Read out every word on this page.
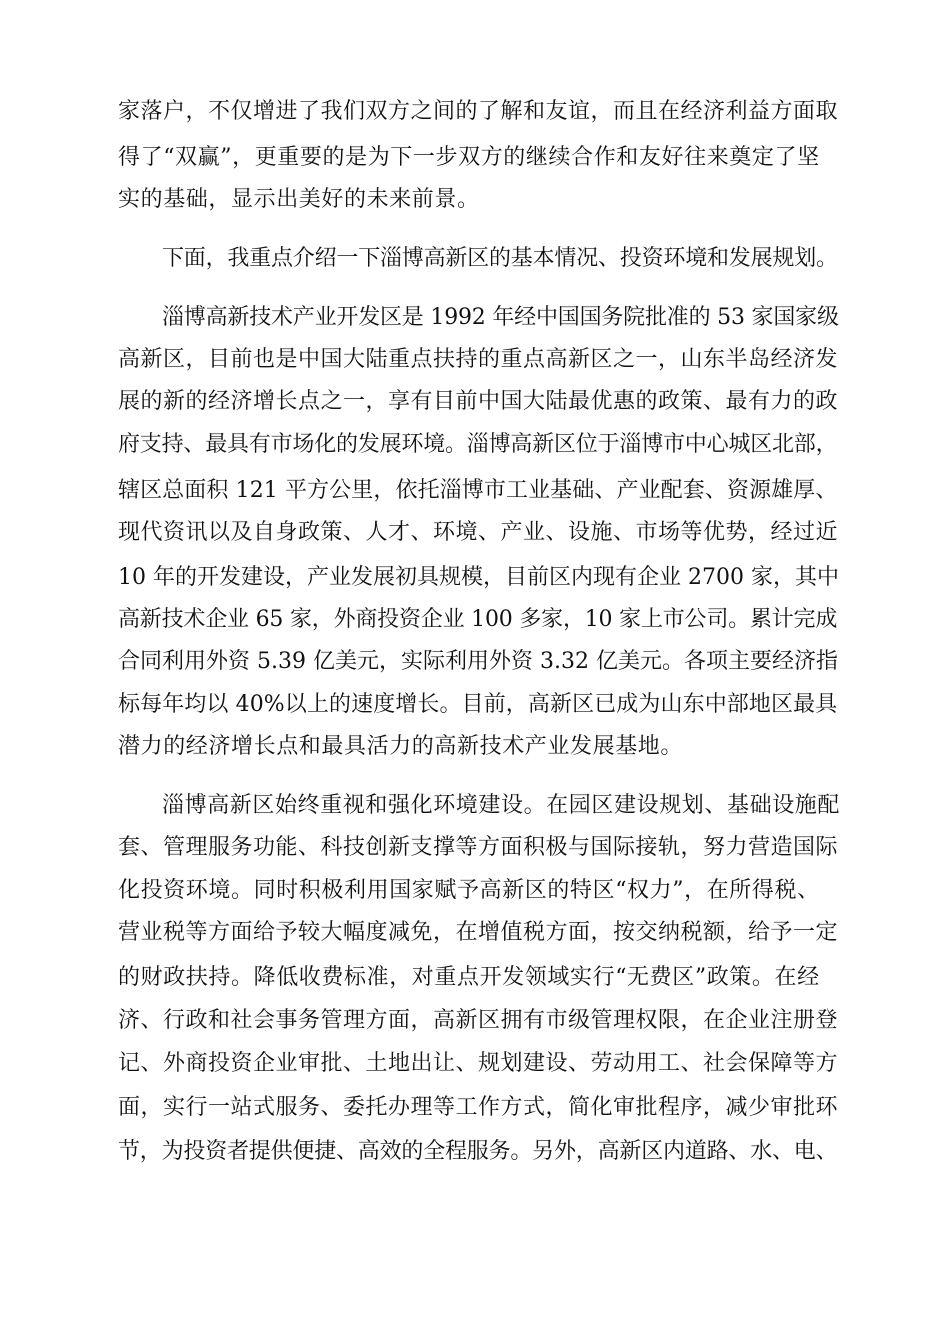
家落户，不仅增进了我们双方之间的了解和友谊，而且在经济利益方面取
得了“双赢”，更重要的是为下一步双方的继续合作和友好往来奠定了坚
实的基础，显示出美好的未来前景。
下面，我重点介绍一下淄博高新区的基本情况、投资环境和发展规划。
淄博高新技术产业开发区是 1992 年经中国国务院批准的 53 家国家级
高新区，目前也是中国大陆重点扶持的重点高新区之一，山东半岛经济发
展的新的经济增长点之一，享有目前中国大陆最优惠的政策、最有力的政
府支持、最具有市场化的发展环境。淄博高新区位于淄博市中心城区北部，
辖区总面积 121 平方公里，依托淄博市工业基础、产业配套、资源雄厚、
现代资讯以及自身政策、人才、环境、产业、设施、市场等优势，经过近
10 年的开发建设，产业发展初具规模，目前区内现有企业 2700 家，其中
高新技术企业 65 家，外商投资企业 100 多家，10 家上市公司。累计完成
合同利用外资 5.39 亿美元，实际利用外资 3.32 亿美元。各项主要经济指
标每年均以 40%以上的速度增长。目前，高新区已成为山东中部地区最具
潜力的经济增长点和最具活力的高新技术产业发展基地。
淄博高新区始终重视和强化环境建设。在园区建设规划、基础设施配
套、管理服务功能、科技创新支撑等方面积极与国际接轨，努力营造国际
化投资环境。同时积极利用国家赋予高新区的特区“权力”，在所得税、
营业税等方面给予较大幅度减免，在增值税方面，按交纳税额，给予一定
的财政扶持。降低收费标准，对重点开发领域实行“无费区”政策。在经
济、行政和社会事务管理方面，高新区拥有市级管理权限，在企业注册登
记、外商投资企业审批、土地出让、规划建设、劳动用工、社会保障等方
面，实行一站式服务、委托办理等工作方式，简化审批程序，减少审批环
节，为投资者提供便捷、高效的全程服务。另外，高新区内道路、水、电、
